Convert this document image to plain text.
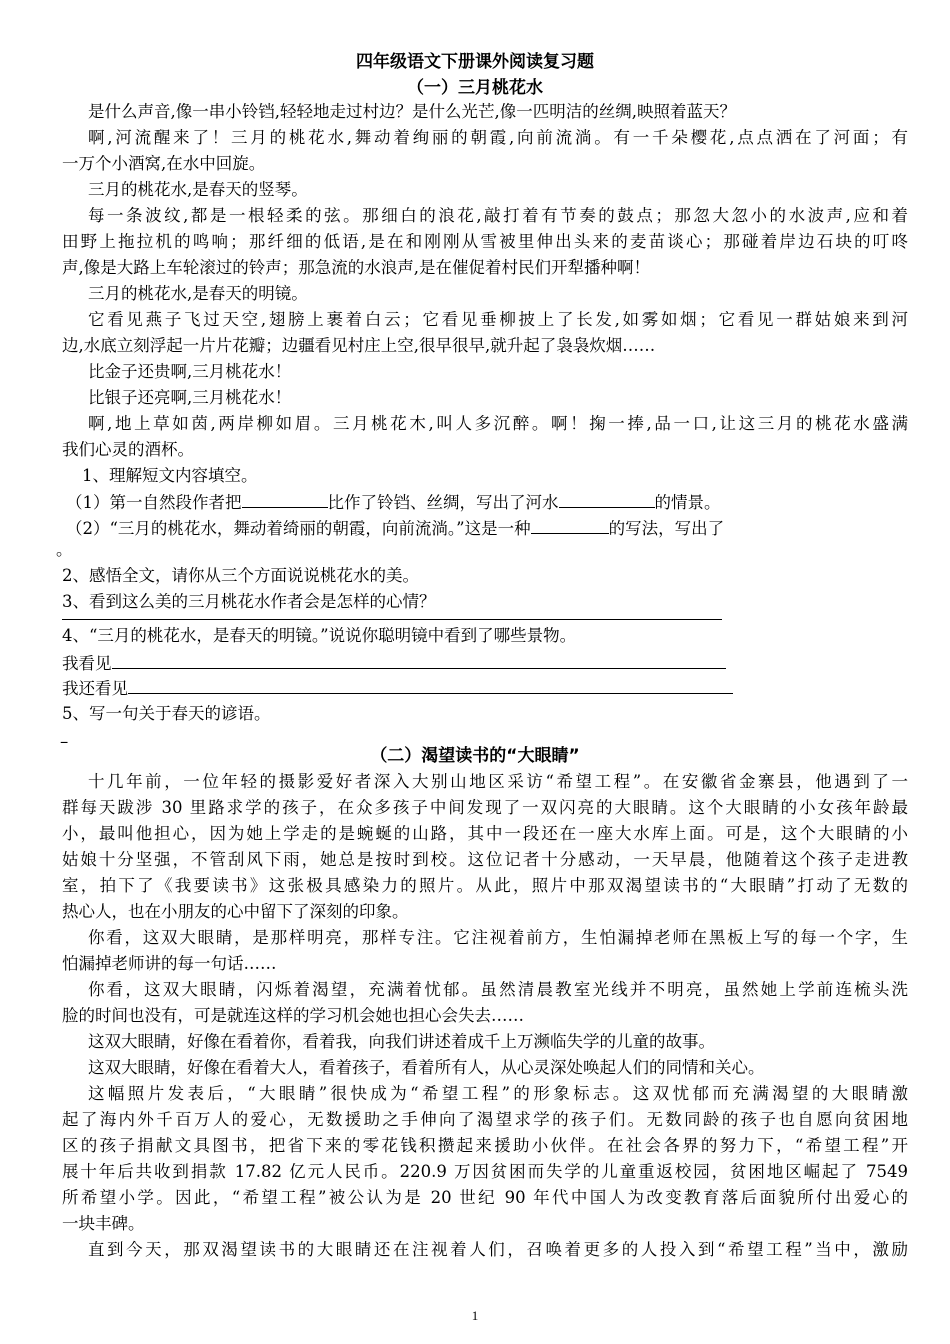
四年级语文下册课外阅读复习题
（一）三月桃花水
是什么声音,像一串小铃铛,轻轻地走过村边？是什么光芒,像一匹明洁的丝绸,映照着蓝天？
啊,河流醒来了！三月的桃花水,舞动着绚丽的朝霞,向前流淌。有一千朵樱花,点点洒在了河面；有
一万个小酒窝,在水中回旋。
三月的桃花水,是春天的竖琴。
每一条波纹,都是一根轻柔的弦。那细白的浪花,敲打着有节奏的鼓点；那忽大忽小的水波声,应和着
田野上拖拉机的鸣响；那纤细的低语,是在和刚刚从雪被里伸出头来的麦苗谈心；那碰着岸边石块的叮咚
声,像是大路上车轮滚过的铃声；那急流的水浪声,是在催促着村民们开犁播种啊！
三月的桃花水,是春天的明镜。
它看见燕子飞过天空,翅膀上裹着白云；它看见垂柳披上了长发,如雾如烟；它看见一群姑娘来到河
边,水底立刻浮起一片片花瓣；边疆看见村庄上空,很早很早,就升起了袅袅炊烟……
比金子还贵啊,三月桃花水！
比银子还亮啊,三月桃花水！
啊,地上草如茵,两岸柳如眉。三月桃花木,叫人多沉醉。啊！掬一捧,品一口,让这三月的桃花水盛满
我们心灵的酒杯。
1、理解短文内容填空。
（1）第一自然段作者把	比作了铃铛、丝绸，写出了河水	的情景。
（2）“三月的桃花水，舞动着绮丽的朝霞，向前流淌。”这是一种	的写法，写出了
。
2、感悟全文，请你从三个方面说说桃花水的美。
3、看到这么美的三月桃花水作者会是怎样的心情？
4、“三月的桃花水，是春天的明镜。”说说你聪明镜中看到了哪些景物。
我看见
我还看见
5、写一句关于春天的谚语。
–
（二）渴望读书的“大眼睛”
十几年前，一位年轻的摄影爱好者深入大别山地区采访“希望工程”。在安徽省金寨县，他遇到了一
群每天跋涉 30 里路求学的孩子，在众多孩子中间发现了一双闪亮的大眼睛。这个大眼睛的小女孩年龄最
小，最叫他担心，因为她上学走的是蜿蜒的山路，其中一段还在一座大水库上面。可是，这个大眼睛的小
姑娘十分坚强，不管刮风下雨，她总是按时到校。这位记者十分感动，一天早晨，他随着这个孩子走进教
室，拍下了《我要读书》这张极具感染力的照片。从此，照片中那双渴望读书的“大眼睛”打动了无数的
热心人，也在小朋友的心中留下了深刻的印象。
你看，这双大眼睛，是那样明亮，那样专注。它注视着前方，生怕漏掉老师在黑板上写的每一个字，生
怕漏掉老师讲的每一句话……
你看，这双大眼睛，闪烁着渴望，充满着忧郁。虽然清晨教室光线并不明亮，虽然她上学前连梳头洗
脸的时间也没有，可是就连这样的学习机会她也担心会失去……
这双大眼睛，好像在看着你，看着我，向我们讲述着成千上万濒临失学的儿童的故事。
这双大眼睛，好像在看着大人，看着孩子，看着所有人，从心灵深处唤起人们的同情和关心。
这幅照片发表后，“大眼睛”很快成为“希望工程”的形象标志。这双忧郁而充满渴望的大眼睛激
起了海内外千百万人的爱心，无数援助之手伸向了渴望求学的孩子们。无数同龄的孩子也自愿向贫困地
区的孩子捐献文具图书，把省下来的零花钱积攒起来援助小伙伴。在社会各界的努力下，“希望工程”开
展十年后共收到捐款 17.82 亿元人民币。220.9 万因贫困而失学的儿童重返校园，贫困地区崛起了 7549
所希望小学。因此，“希望工程”被公认为是 20 世纪 90 年代中国人为改变教育落后面貌所付出爱心的
一块丰碑。
直到今天，那双渴望读书的大眼睛还在注视着人们，召唤着更多的人投入到“希望工程”当中，激励
1
